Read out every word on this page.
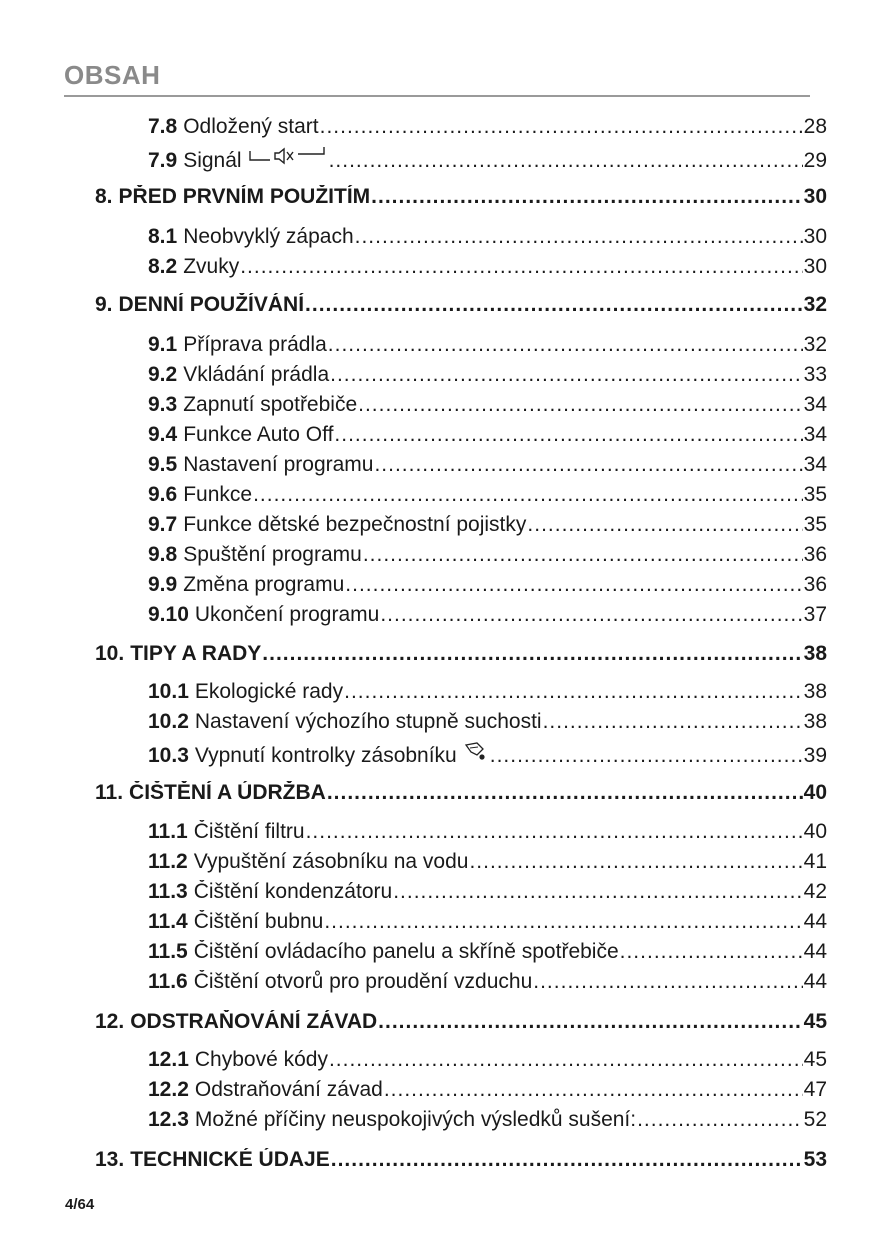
OBSAH
7.8 Odložený start .....	28
7.9 Signál .....	29
8. PŘED PRVNÍM POUŽITÍM .....	30
8.1 Neobvyklý zápach .....	30
8.2 Zvuky .....	30
9. DENNÍ POUŽÍVÁNÍ .....	32
9.1 Příprava prádla .....	32
9.2 Vkládání prádla .....	33
9.3 Zapnutí spotřebiče .....	34
9.4 Funkce Auto Off .....	34
9.5 Nastavení programu .....	34
9.6 Funkce .....	35
9.7 Funkce dětské bezpečnostní pojistky .....	35
9.8 Spuštění programu .....	36
9.9 Změna programu .....	36
9.10 Ukončení programu .....	37
10. TIPY A RADY .....	38
10.1 Ekologické rady .....	38
10.2 Nastavení výchozího stupně suchosti .....	38
10.3 Vypnutí kontrolky zásobníku .....	39
11. ČIŠTĚNÍ A ÚDRŽBA .....	40
11.1 Čištění filtru .....	40
11.2 Vypuštění zásobníku na vodu .....	41
11.3 Čištění kondenzátoru .....	42
11.4 Čištění bubnu .....	44
11.5 Čištění ovládacího panelu a skříně spotřebiče .....	44
11.6 Čištění otvorů pro proudění vzduchu .....	44
12. ODSTRAŇOVÁNÍ ZÁVAD .....	45
12.1 Chybové kódy .....	45
12.2 Odstraňování závad .....	47
12.3 Možné příčiny neuspokojivých výsledků sušení: .....	52
13. TECHNICKÉ ÚDAJE .....	53
4/64
